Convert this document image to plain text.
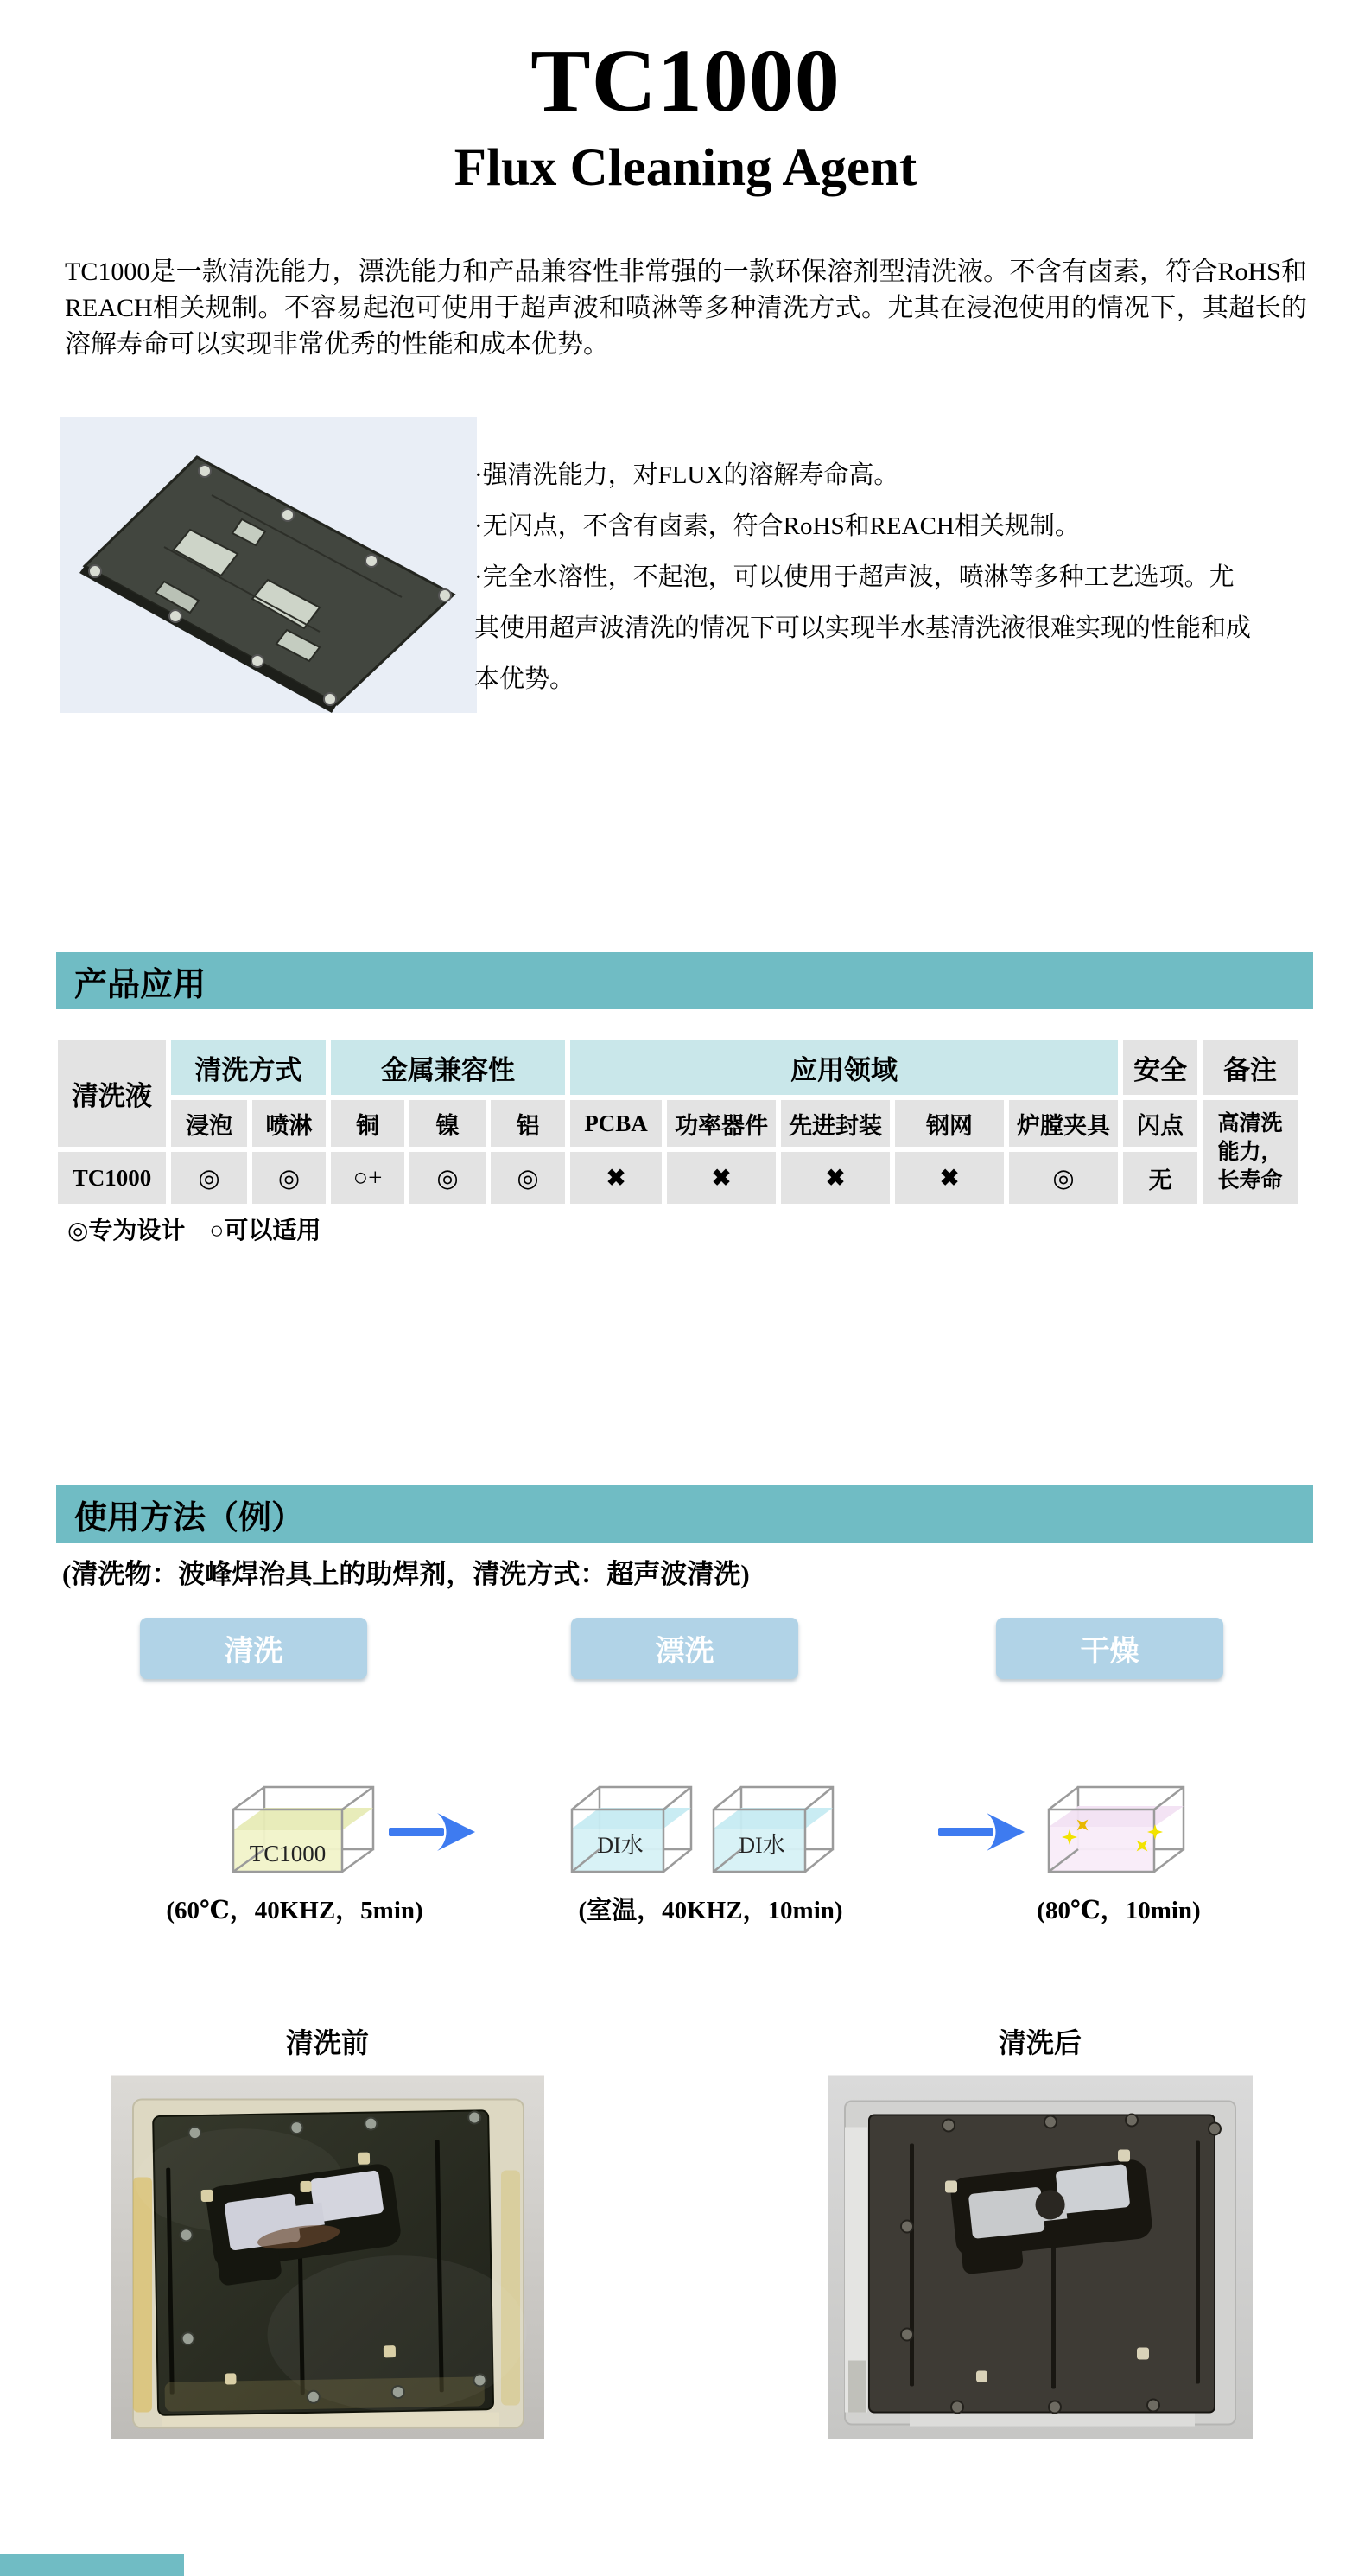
TC1000
Flux Cleaning Agent
TC1000是一款清洗能力，漂洗能力和产品兼容性非常强的一款环保溶剂型清洗液。不含有卤素，符合RoHS和REACH相关规制。不容易起泡可使用于超声波和喷淋等多种清洗方式。尤其在浸泡使用的情况下，其超长的溶解寿命可以实现非常优秀的性能和成本优势。
·强清洗能力，对FLUX的溶解寿命高。
·无闪点，不含有卤素，符合RoHS和REACH相关规制。
·完全水溶性，不起泡，可以使用于超声波，喷淋等多种工艺选项。尤其使用超声波清洗的情况下可以实现半水基清洗液很难实现的性能和成本优势。
产品应用
清洗液	清洗方式		金属兼容性			应用领域					安全	备注
	浸泡	喷淋	铜	镍	铝	PCBA	功率器件	先进封装	钢网	炉膛夹具	闪点	高清洗能力，长寿命
TC1000	◎	◎	○+	◎	◎	✖	✖	✖	✖	◎	无	
◎专为设计    ○可以适用
使用方法（例）
(清洗物：波峰焊治具上的助焊剂，清洗方式：超声波清洗)
清洗	漂洗	干燥
TC1000	DI水	DI水
(60℃，40KHZ，5min)	(室温，40KHZ，10min)	(80℃，10min)
清洗前	清洗后
